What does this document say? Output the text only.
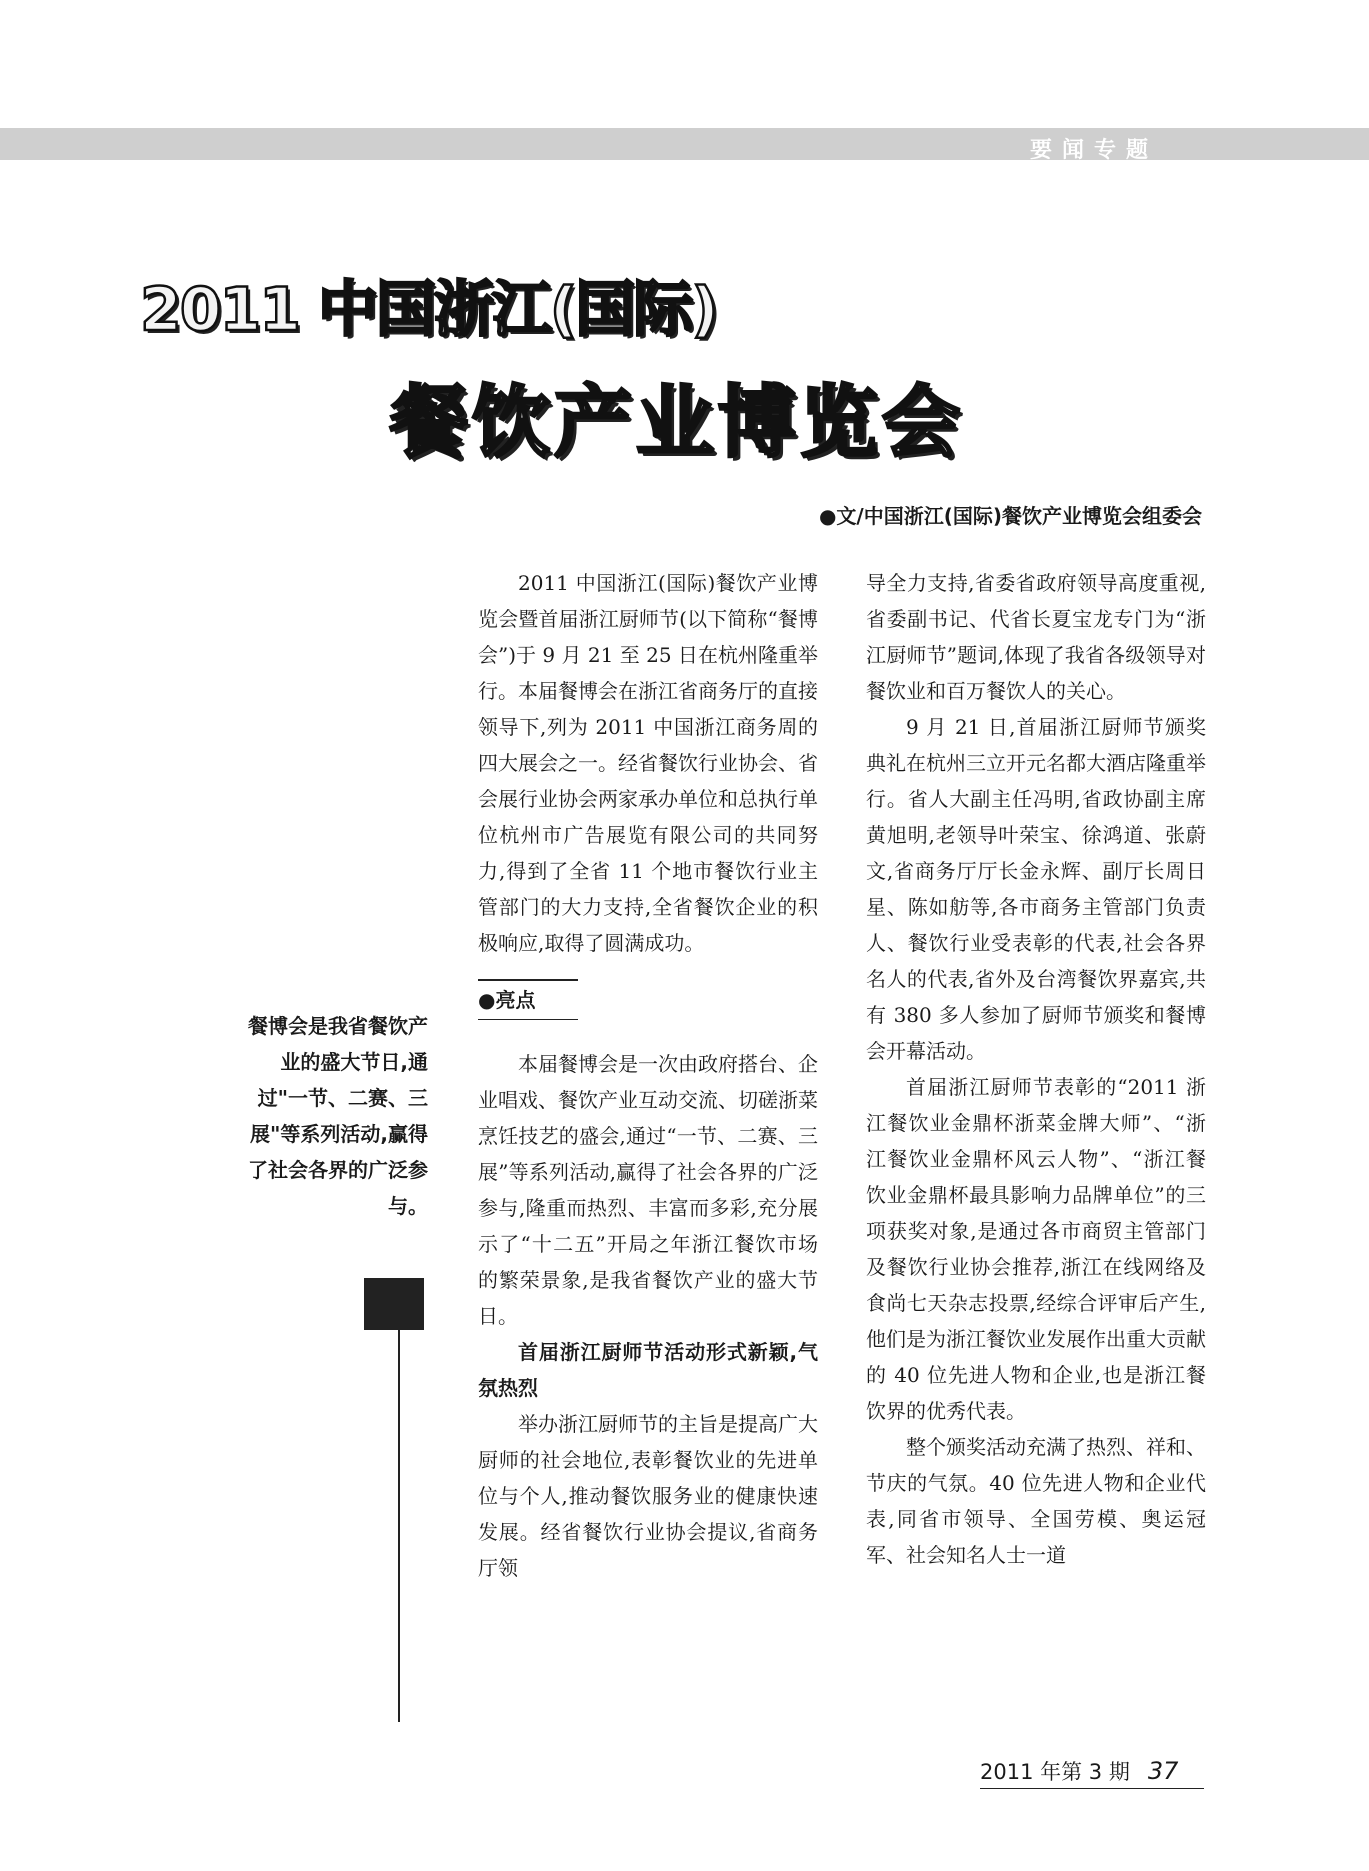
要闻专题
2011 中国浙江(国际)
餐饮产业博览会
●文/中国浙江(国际)餐饮产业博览会组委会
餐博会是我省餐饮产业的盛大节日,通过"一节、二赛、三展"等系列活动,赢得了社会各界的广泛参与。

2011 中国浙江(国际)餐饮产业博览会暨首届浙江厨师节(以下简称“餐博会”)于 9 月 21 至 25 日在杭州隆重举行。本届餐博会在浙江省商务厅的直接领导下,列为 2011 中国浙江商务周的四大展会之一。经省餐饮行业协会、省会展行业协会两家承办单位和总执行单位杭州市广告展览有限公司的共同努力,得到了全省 11 个地市餐饮行业主管部门的大力支持,全省餐饮企业的积极响应,取得了圆满成功。

●亮点

本届餐博会是一次由政府搭台、企业唱戏、餐饮产业互动交流、切磋浙菜烹饪技艺的盛会,通过“一节、二赛、三展”等系列活动,赢得了社会各界的广泛参与,隆重而热烈、丰富而多彩,充分展示了“十二五”开局之年浙江餐饮市场的繁荣景象,是我省餐饮产业的盛大节日。

首届浙江厨师节活动形式新颖,气氛热烈

举办浙江厨师节的主旨是提高广大厨师的社会地位,表彰餐饮业的先进单位与个人,推动餐饮服务业的健康快速发展。经省餐饮行业协会提议,省商务厅领

导全力支持,省委省政府领导高度重视,省委副书记、代省长夏宝龙专门为“浙江厨师节”题词,体现了我省各级领导对餐饮业和百万餐饮人的关心。

9 月 21 日,首届浙江厨师节颁奖典礼在杭州三立开元名都大酒店隆重举行。省人大副主任冯明,省政协副主席黄旭明,老领导叶荣宝、徐鸿道、张蔚文,省商务厅厅长金永辉、副厅长周日星、陈如舫等,各市商务主管部门负责人、餐饮行业受表彰的代表,社会各界名人的代表,省外及台湾餐饮界嘉宾,共有 380 多人参加了厨师节颁奖和餐博会开幕活动。

首届浙江厨师节表彰的“2011 浙江餐饮业金鼎杯浙菜金牌大师”、“浙江餐饮业金鼎杯风云人物”、“浙江餐饮业金鼎杯最具影响力品牌单位”的三项获奖对象,是通过各市商贸主管部门及餐饮行业协会推荐,浙江在线网络及食尚七天杂志投票,经综合评审后产生,他们是为浙江餐饮业发展作出重大贡献的 40 位先进人物和企业,也是浙江餐饮界的优秀代表。

整个颁奖活动充满了热烈、祥和、节庆的气氛。40 位先进人物和企业代表,同省市领导、全国劳模、奥运冠军、社会知名人士一道

2011 年第 3 期 37
